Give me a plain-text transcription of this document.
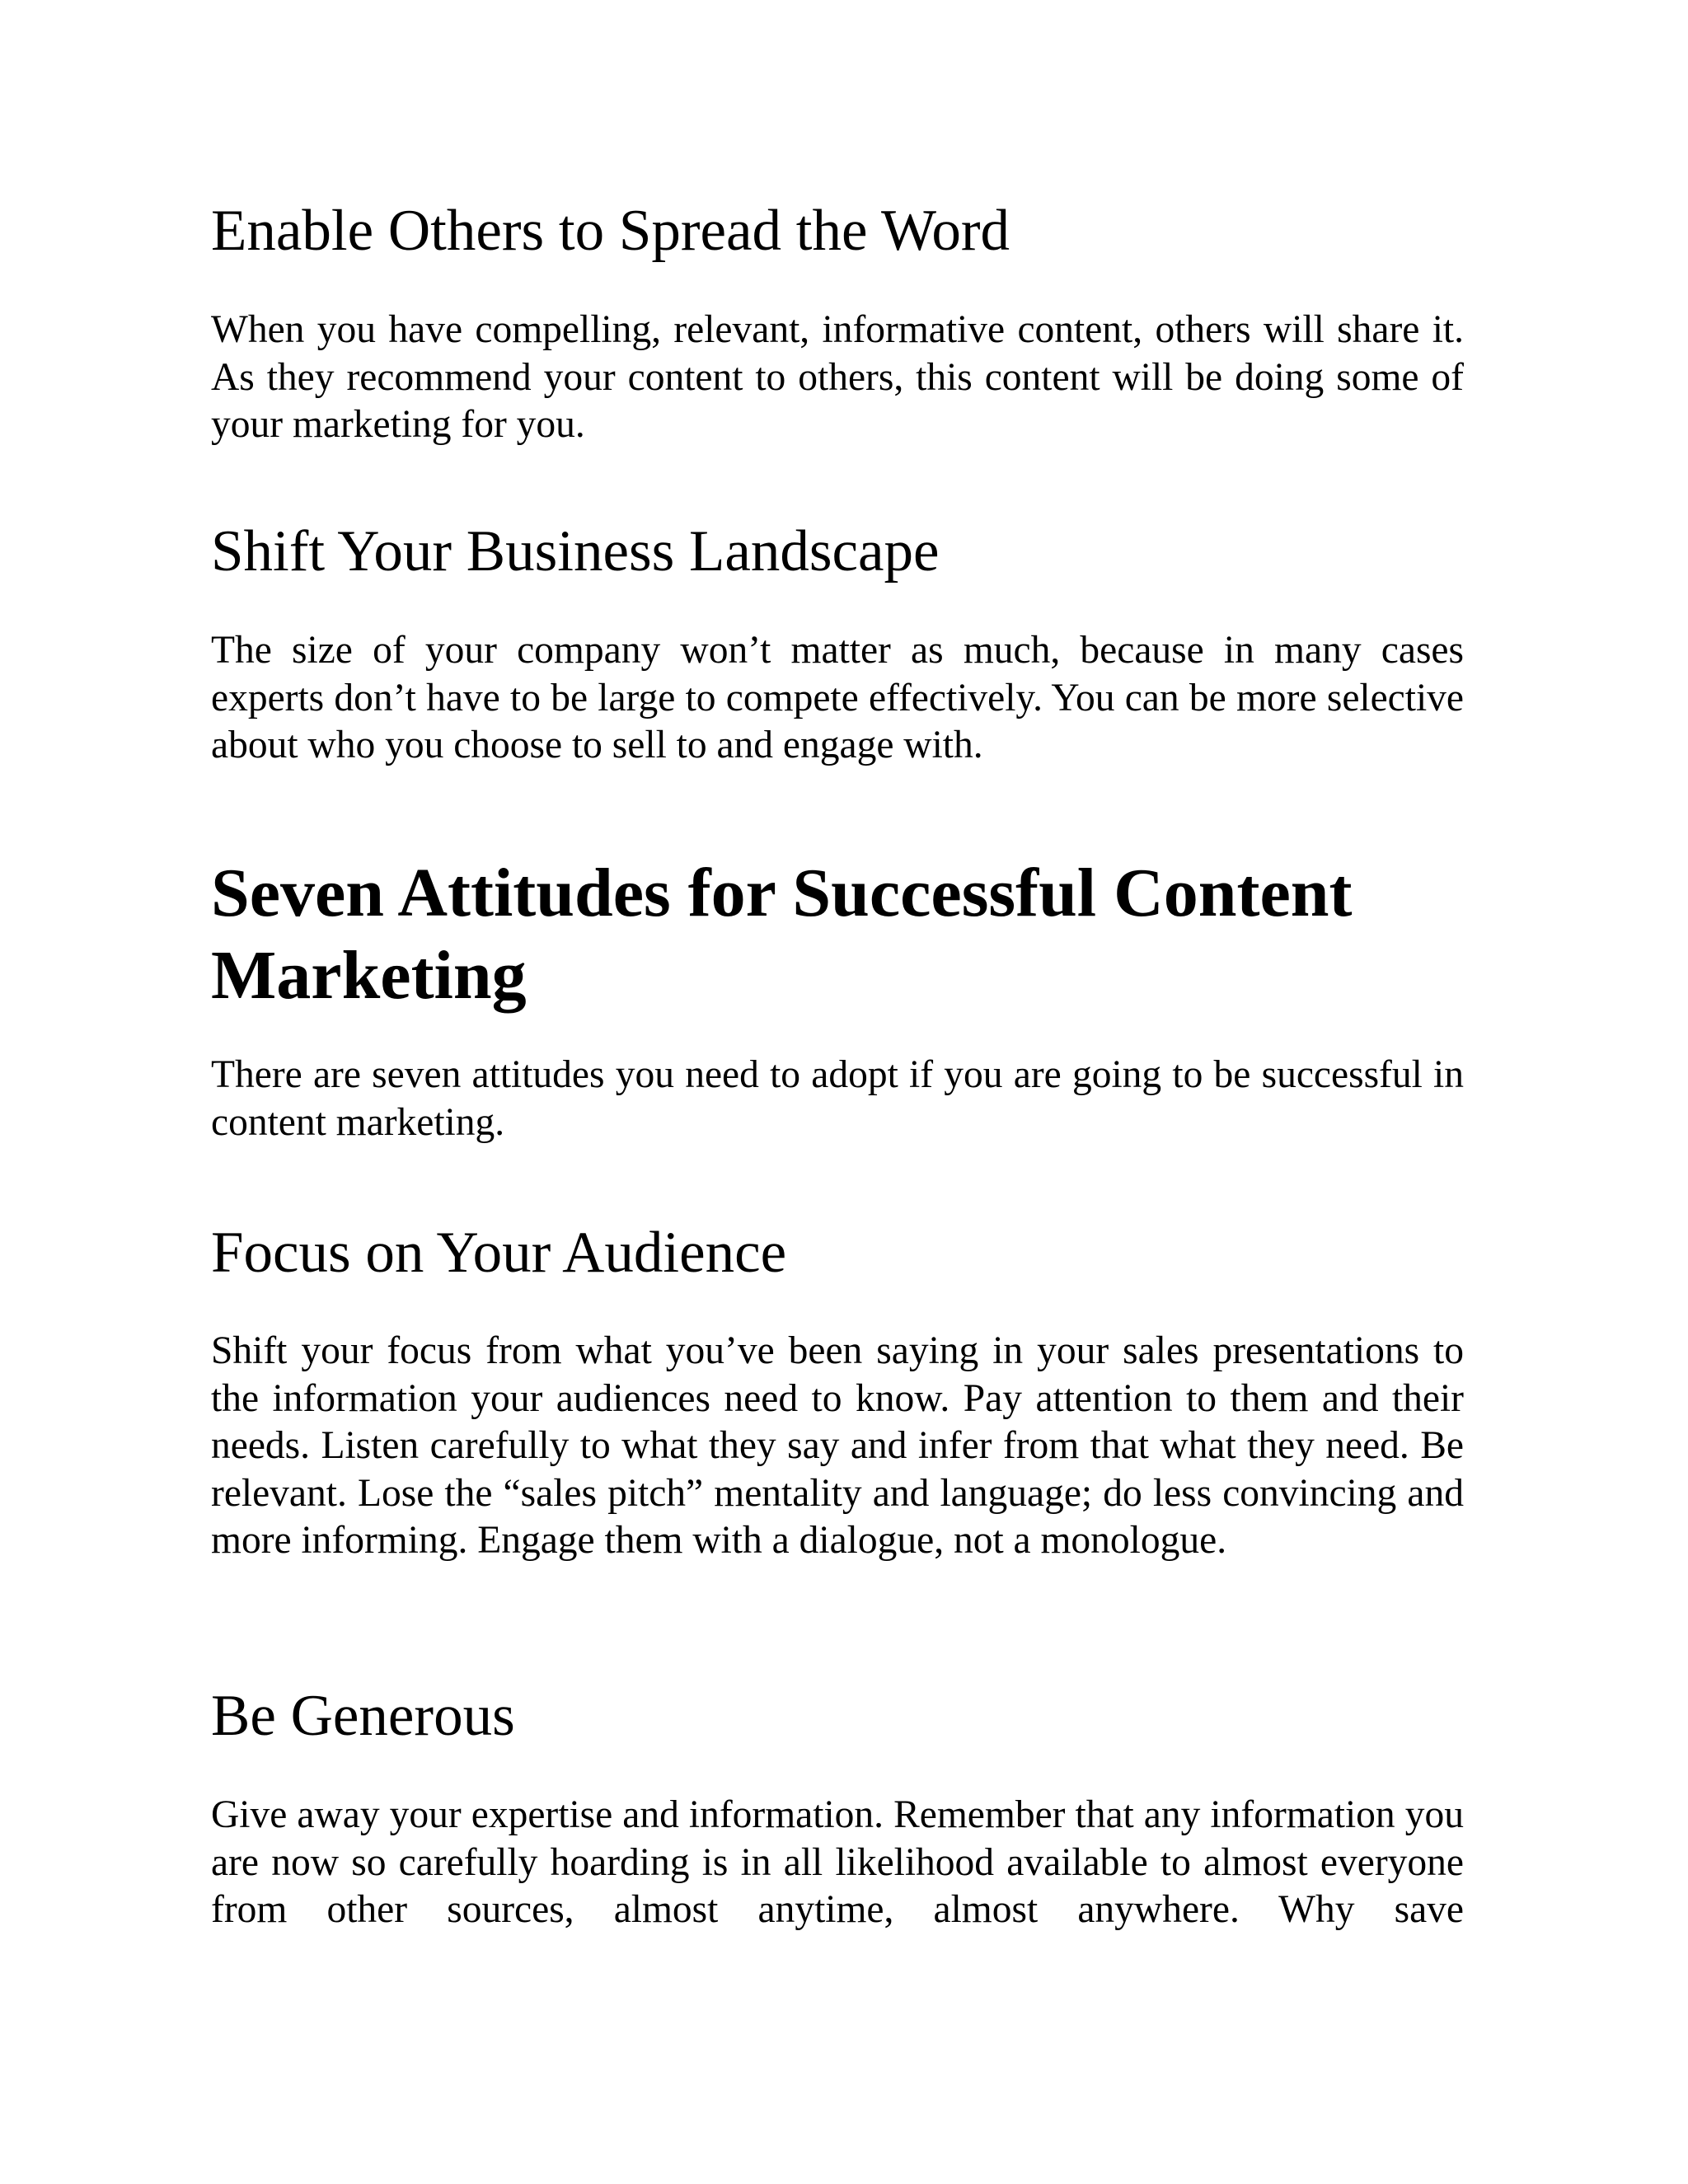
Enable Others to Spread the Word

When you have compelling, relevant, informative content, others will share it. As they recommend your content to others, this content will be doing some of your marketing for you.

Shift Your Business Landscape

The size of your company won’t matter as much, because in many cases experts don’t have to be large to compete effectively. You can be more selective about who you choose to sell to and engage with.

Seven Attitudes for Successful Content Marketing

There are seven attitudes you need to adopt if you are going to be successful in content marketing.

Focus on Your Audience

Shift your focus from what you’ve been saying in your sales presentations to the information your audiences need to know. Pay attention to them and their needs. Listen carefully to what they say and infer from that what they need. Be relevant. Lose the “sales pitch” mentality and language; do less convincing and more informing. Engage them with a dialogue, not a monologue.

Be Generous

Give away your expertise and information. Remember that any information you are now so carefully hoarding is in all likelihood available to almost everyone from other sources, almost anytime, almost anywhere. Why save
